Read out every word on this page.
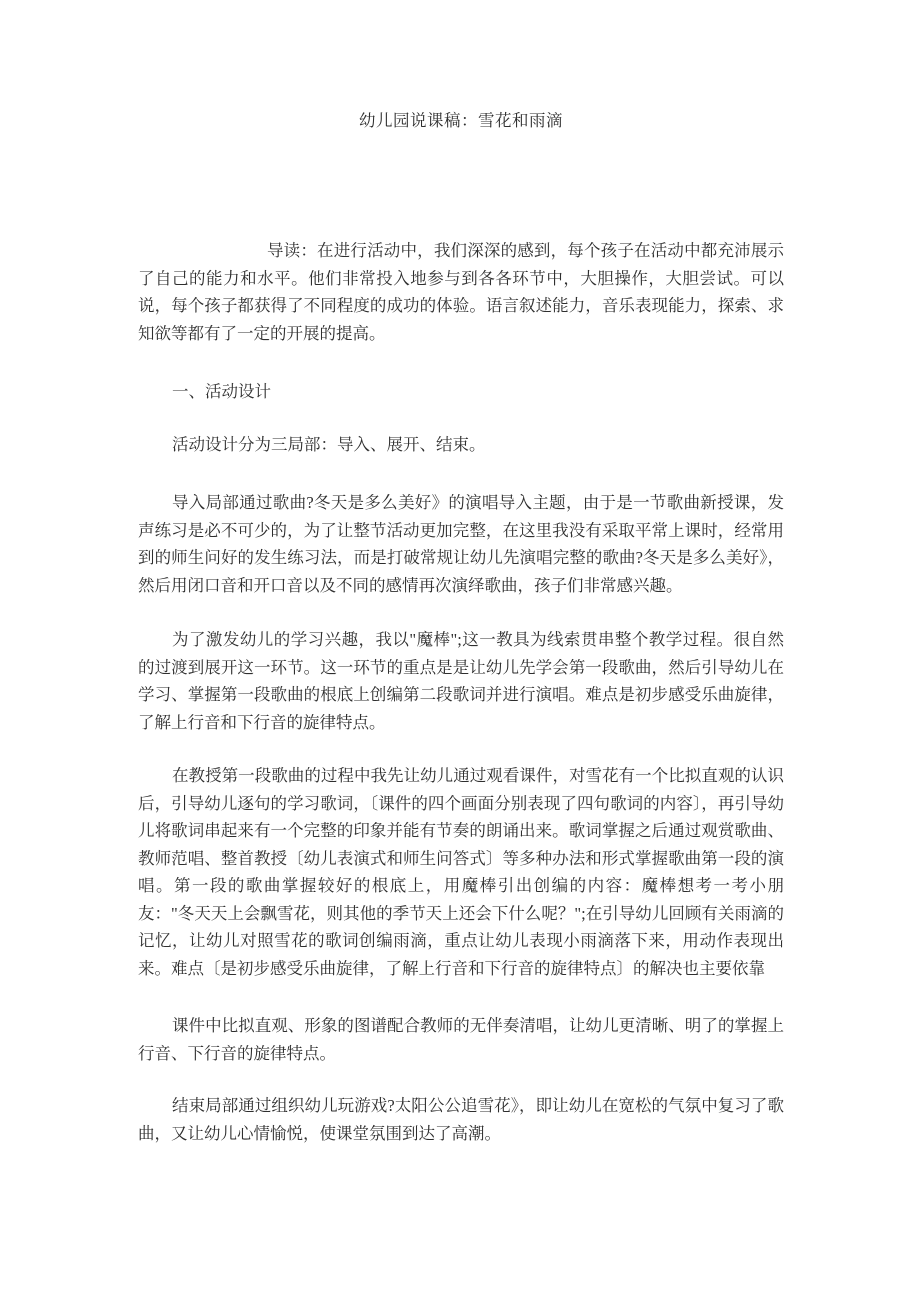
幼儿园说课稿：雪花和雨滴

导读：在进行活动中，我们深深的感到，每个孩子在活动中都充沛展示了自己的能力和水平。他们非常投入地参与到各各环节中，大胆操作，大胆尝试。可以说，每个孩子都获得了不同程度的成功的体验。语言叙述能力，音乐表现能力，探索、求知欲等都有了一定的开展的提高。

一、活动设计

活动设计分为三局部：导入、展开、结束。

导入局部通过歌曲?冬天是多么美好》的演唱导入主题，由于是一节歌曲新授课，发声练习是必不可少的，为了让整节活动更加完整，在这里我没有采取平常上课时，经常用到的师生问好的发生练习法，而是打破常规让幼儿先演唱完整的歌曲?冬天是多么美好》，然后用闭口音和开口音以及不同的感情再次演绎歌曲，孩子们非常感兴趣。

为了激发幼儿的学习兴趣，我以"魔棒";这一教具为线索贯串整个教学过程。很自然的过渡到展开这一环节。这一环节的重点是是让幼儿先学会第一段歌曲，然后引导幼儿在学习、掌握第一段歌曲的根底上创编第二段歌词并进行演唱。难点是初步感受乐曲旋律，了解上行音和下行音的旋律特点。

在教授第一段歌曲的过程中我先让幼儿通过观看课件，对雪花有一个比拟直观的认识后，引导幼儿逐句的学习歌词，〔课件的四个画面分别表现了四句歌词的内容〕，再引导幼儿将歌词串起来有一个完整的印象并能有节奏的朗诵出来。歌词掌握之后通过观赏歌曲、教师范唱、整首教授〔幼儿表演式和师生问答式〕等多种办法和形式掌握歌曲第一段的演唱。第一段的歌曲掌握较好的根底上，用魔棒引出创编的内容：魔棒想考一考小朋友："冬天天上会飘雪花，则其他的季节天上还会下什么呢？";在引导幼儿回顾有关雨滴的记忆，让幼儿对照雪花的歌词创编雨滴，重点让幼儿表现小雨滴落下来，用动作表现出来。难点〔是初步感受乐曲旋律，了解上行音和下行音的旋律特点〕的解决也主要依靠

课件中比拟直观、形象的图谱配合教师的无伴奏清唱，让幼儿更清晰、明了的掌握上行音、下行音的旋律特点。

结束局部通过组织幼儿玩游戏?太阳公公追雪花》，即让幼儿在宽松的气氛中复习了歌曲，又让幼儿心情愉悦，使课堂氛围到达了高潮。
